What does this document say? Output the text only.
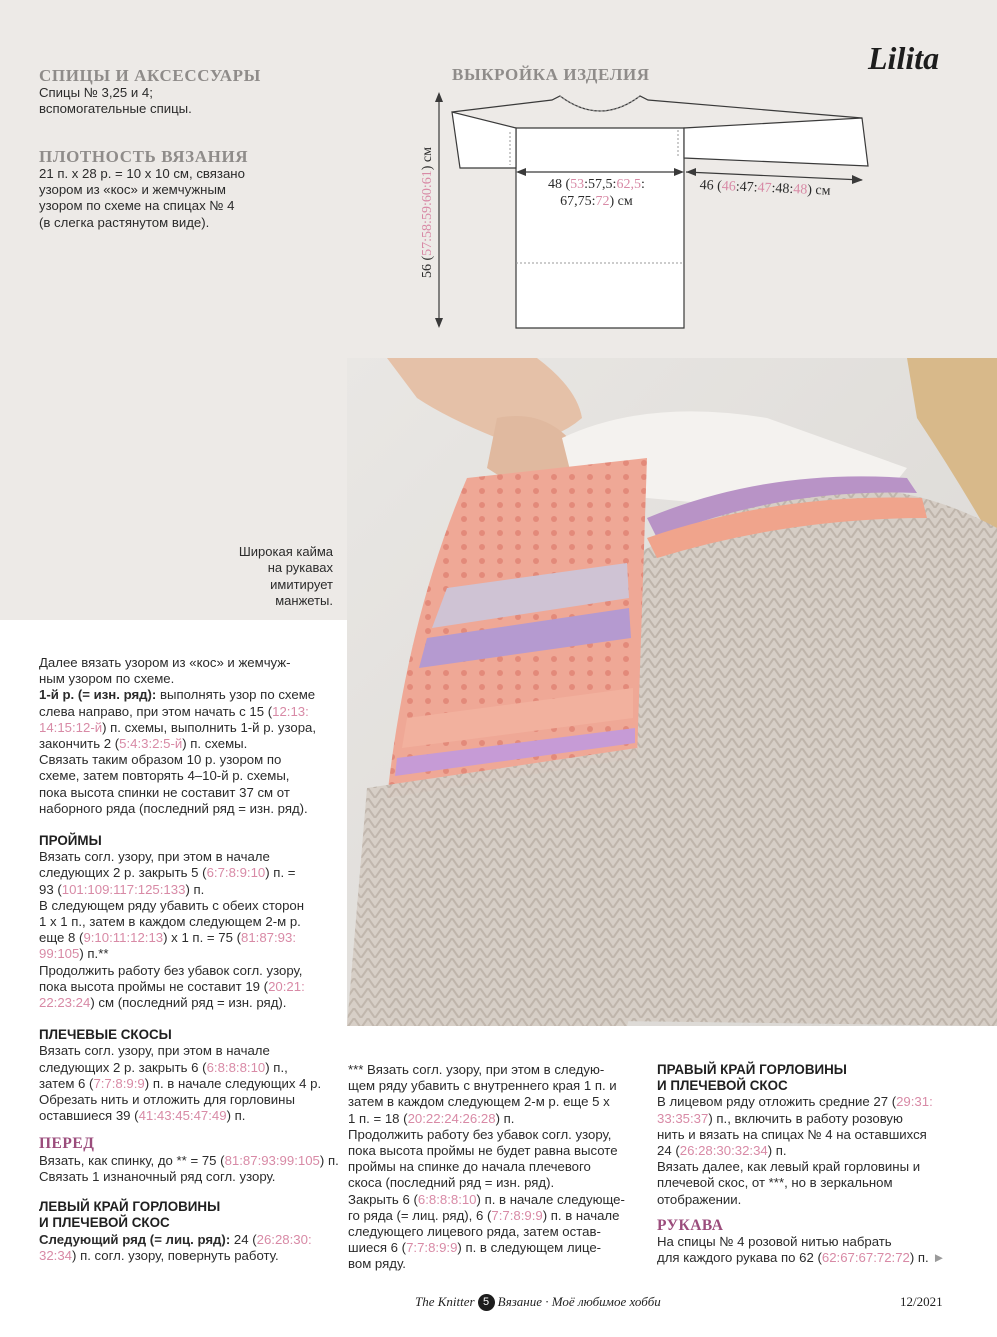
Lilita
СПИЦЫ И АКСЕССУАРЫ
Спицы № 3,25 и 4;
вспомогательные спицы.
ПЛОТНОСТЬ ВЯЗАНИЯ
21 п. х 28 р. = 10 х 10 см, связано
узором из «кос» и жемчужным
узором по схеме на спицах № 4
(в слегка растянутом виде).
ВЫКРОЙКА ИЗДЕЛИЯ
56 (57:58:59:60:61) см
48 (53:57,5:62,5:
67,75:72) см
46 (46:47:47:48:48) см
Широкая кайма
на рукавах
имитирует
манжеты.

Далее вязать узором из «кос» и жемчуж-

ным узором по схеме.

1-й р. (= изн. ряд): выполнять узор по схеме

слева направо, при этом начать с 15 (12:13:

14:15:12-й) п. схемы, выполнить 1-й р. узора,

закончить 2 (5:4:3:2:5-й) п. схемы.

Связать таким образом 10 р. узором по

схеме, затем повторять 4–10-й р. схемы,

пока высота спинки не составит 37 см от

наборного ряда (последний ряд = изн. ряд).

ПРОЙМЫ

Вязать согл. узору, при этом в начале

следующих 2 р. закрыть 5 (6:7:8:9:10) п. =

93 (101:109:117:125:133) п.

В следующем ряду убавить с обеих сторон

1 х 1 п., затем в каждом следующем 2-м р.

еще 8 (9:10:11:12:13) х 1 п. = 75 (81:87:93:

99:105) п.**

Продолжить работу без убавок согл. узору,

пока высота проймы не составит 19 (20:21:

22:23:24) см (последний ряд = изн. ряд).

ПЛЕЧЕВЫЕ СКОСЫ

Вязать согл. узору, при этом в начале

следующих 2 р. закрыть 6 (6:8:8:8:10) п.,

затем 6 (7:7:8:9:9) п. в начале следующих 4 р.

Обрезать нить и отложить для горловины

оставшиеся 39 (41:43:45:47:49) п.

ПЕРЕД

Вязать, как спинку, до ** = 75 (81:87:93:99:105) п.

Связать 1 изнаночный ряд согл. узору.

ЛЕВЫЙ КРАЙ ГОРЛОВИНЫ
И ПЛЕЧЕВОЙ СКОС

Следующий ряд (= лиц. ряд): 24 (26:28:30:

32:34) п. согл. узору, повернуть работу.

*** Вязать согл. узору, при этом в следую-

щем ряду убавить с внутреннего края 1 п. и

затем в каждом следующем 2-м р. еще 5 х

1 п. = 18 (20:22:24:26:28) п.

Продолжить работу без убавок согл. узору,

пока высота проймы не будет равна высоте

проймы на спинке до начала плечевого

скоса (последний ряд = изн. ряд).

Закрыть 6 (6:8:8:8:10) п. в начале следующе-

го ряда (= лиц. ряд), 6 (7:7:8:9:9) п. в начале

следующего лицевого ряда, затем остав-

шиеся 6 (7:7:8:9:9) п. в следующем лице-

вом ряду.

ПРАВЫЙ КРАЙ ГОРЛОВИНЫ
И ПЛЕЧЕВОЙ СКОС

В лицевом ряду отложить средние 27 (29:31:

33:35:37) п., включить в работу розовую

нить и вязать на спицах № 4 на оставшихся

24 (26:28:30:32:34) п.

Вязать далее, как левый край горловины и

плечевой скос, от ***, но в зеркальном

отображении.

РУКАВА

На спицы № 4 розовой нитью набрать

для каждого рукава по 62 (62:67:67:72:72) п. ►

The Knitter 5 Вязание · Моё любимое хобби	12/2021
